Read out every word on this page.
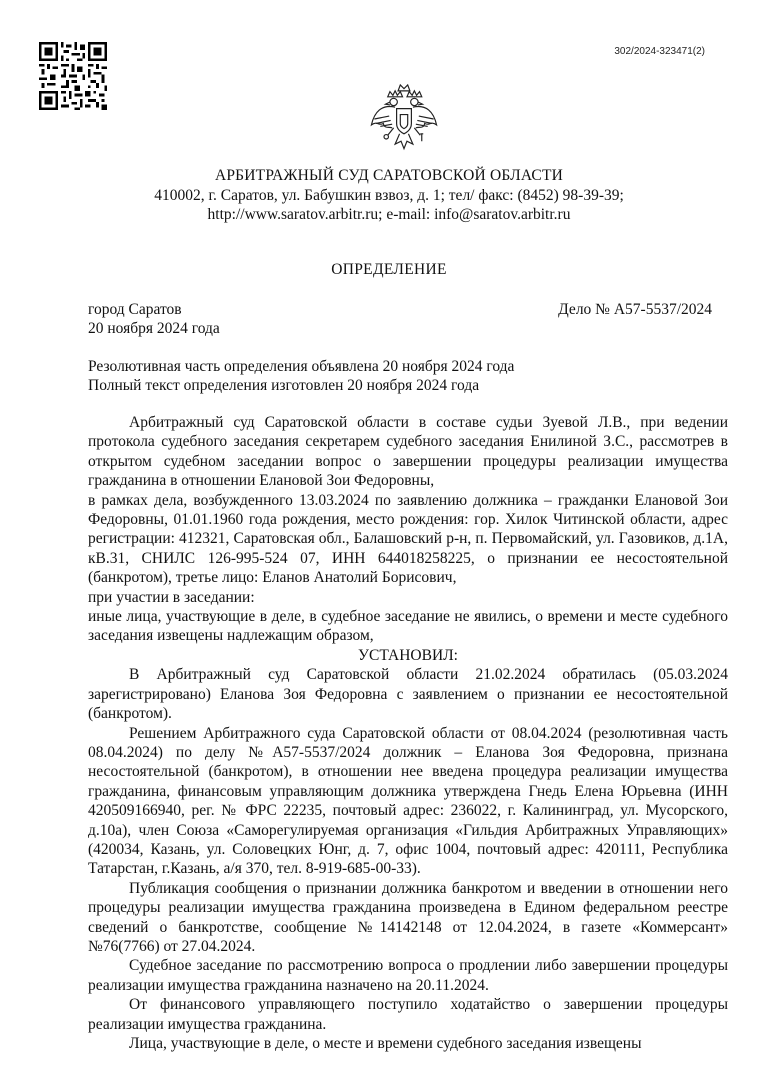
302/2024-323471(2)
АРБИТРАЖНЫЙ СУД САРАТОВСКОЙ ОБЛАСТИ
410002, г. Саратов, ул. Бабушкин взвоз, д. 1; тел/ факс: (8452) 98-39-39;
http://www.saratov.arbitr.ru; e-mail: info@saratov.arbitr.ru
ОПРЕДЕЛЕНИЕ
город Саратов
20 ноября 2024 года
Дело № А57-5537/2024
Резолютивная часть определения объявлена 20 ноября 2024 года
Полный текст определения изготовлен 20 ноября 2024 года

Арбитражный суд Саратовской области в составе судьи Зуевой Л.В., при ведении протокола судебного заседания секретарем судебного заседания Енилиной З.С., рассмотрев в открытом судебном заседании вопрос о завершении процедуры реализации имущества гражданина в отношении Елановой Зои Федоровны,

в рамках дела, возбужденного 13.03.2024 по заявлению должника – гражданки Елановой Зои Федоровны, 01.01.1960 года рождения, место рождения: гор. Хилок Читинской области, адрес регистрации: 412321, Саратовская обл., Балашовский р-н, п. Первомайский, ул. Газовиков, д.1А, кВ.31, СНИЛС 126-995-524 07, ИНН 644018258225, о признании ее несостоятельной (банкротом), третье лицо: Еланов Анатолий Борисович,

при участии в заседании:

иные лица, участвующие в деле, в судебное заседание не явились, о времени и месте судебного заседания извещены надлежащим образом,

УСТАНОВИЛ:

В Арбитражный суд Саратовской области 21.02.2024 обратилась (05.03.2024 зарегистрировано) Еланова Зоя Федоровна с заявлением о признании ее несостоятельной (банкротом).

Решением Арбитражного суда Саратовской области от 08.04.2024 (резолютивная часть 08.04.2024) по делу №А57-5537/2024 должник – Еланова Зоя Федоровна, признана несостоятельной (банкротом), в отношении нее введена процедура реализации имущества гражданина, финансовым управляющим должника утверждена Гнедь Елена Юрьевна (ИНН 420509166940, рег. № ФРС 22235, почтовый адрес: 236022, г. Калининград, ул. Мусорского, д.10а), член Союза «Саморегулируемая организация «Гильдия Арбитражных Управляющих» (420034, Казань, ул. Соловецких Юнг, д. 7, офис 1004, почтовый адрес: 420111, Республика Татарстан, г.Казань, а/я 370, тел. 8-919-685-00-33).

Публикация сообщения о признании должника банкротом и введении в отношении него процедуры реализации имущества гражданина произведена в Едином федеральном реестре сведений о банкротстве, сообщение №14142148 от 12.04.2024, в газете «Коммерсант» №76(7766) от 27.04.2024.

Судебное заседание по рассмотрению вопроса о продлении либо завершении процедуры реализации имущества гражданина назначено на 20.11.2024.

От финансового управляющего поступило ходатайство о завершении процедуры реализации имущества гражданина.

Лица, участвующие в деле, о месте и времени судебного заседания извещены
